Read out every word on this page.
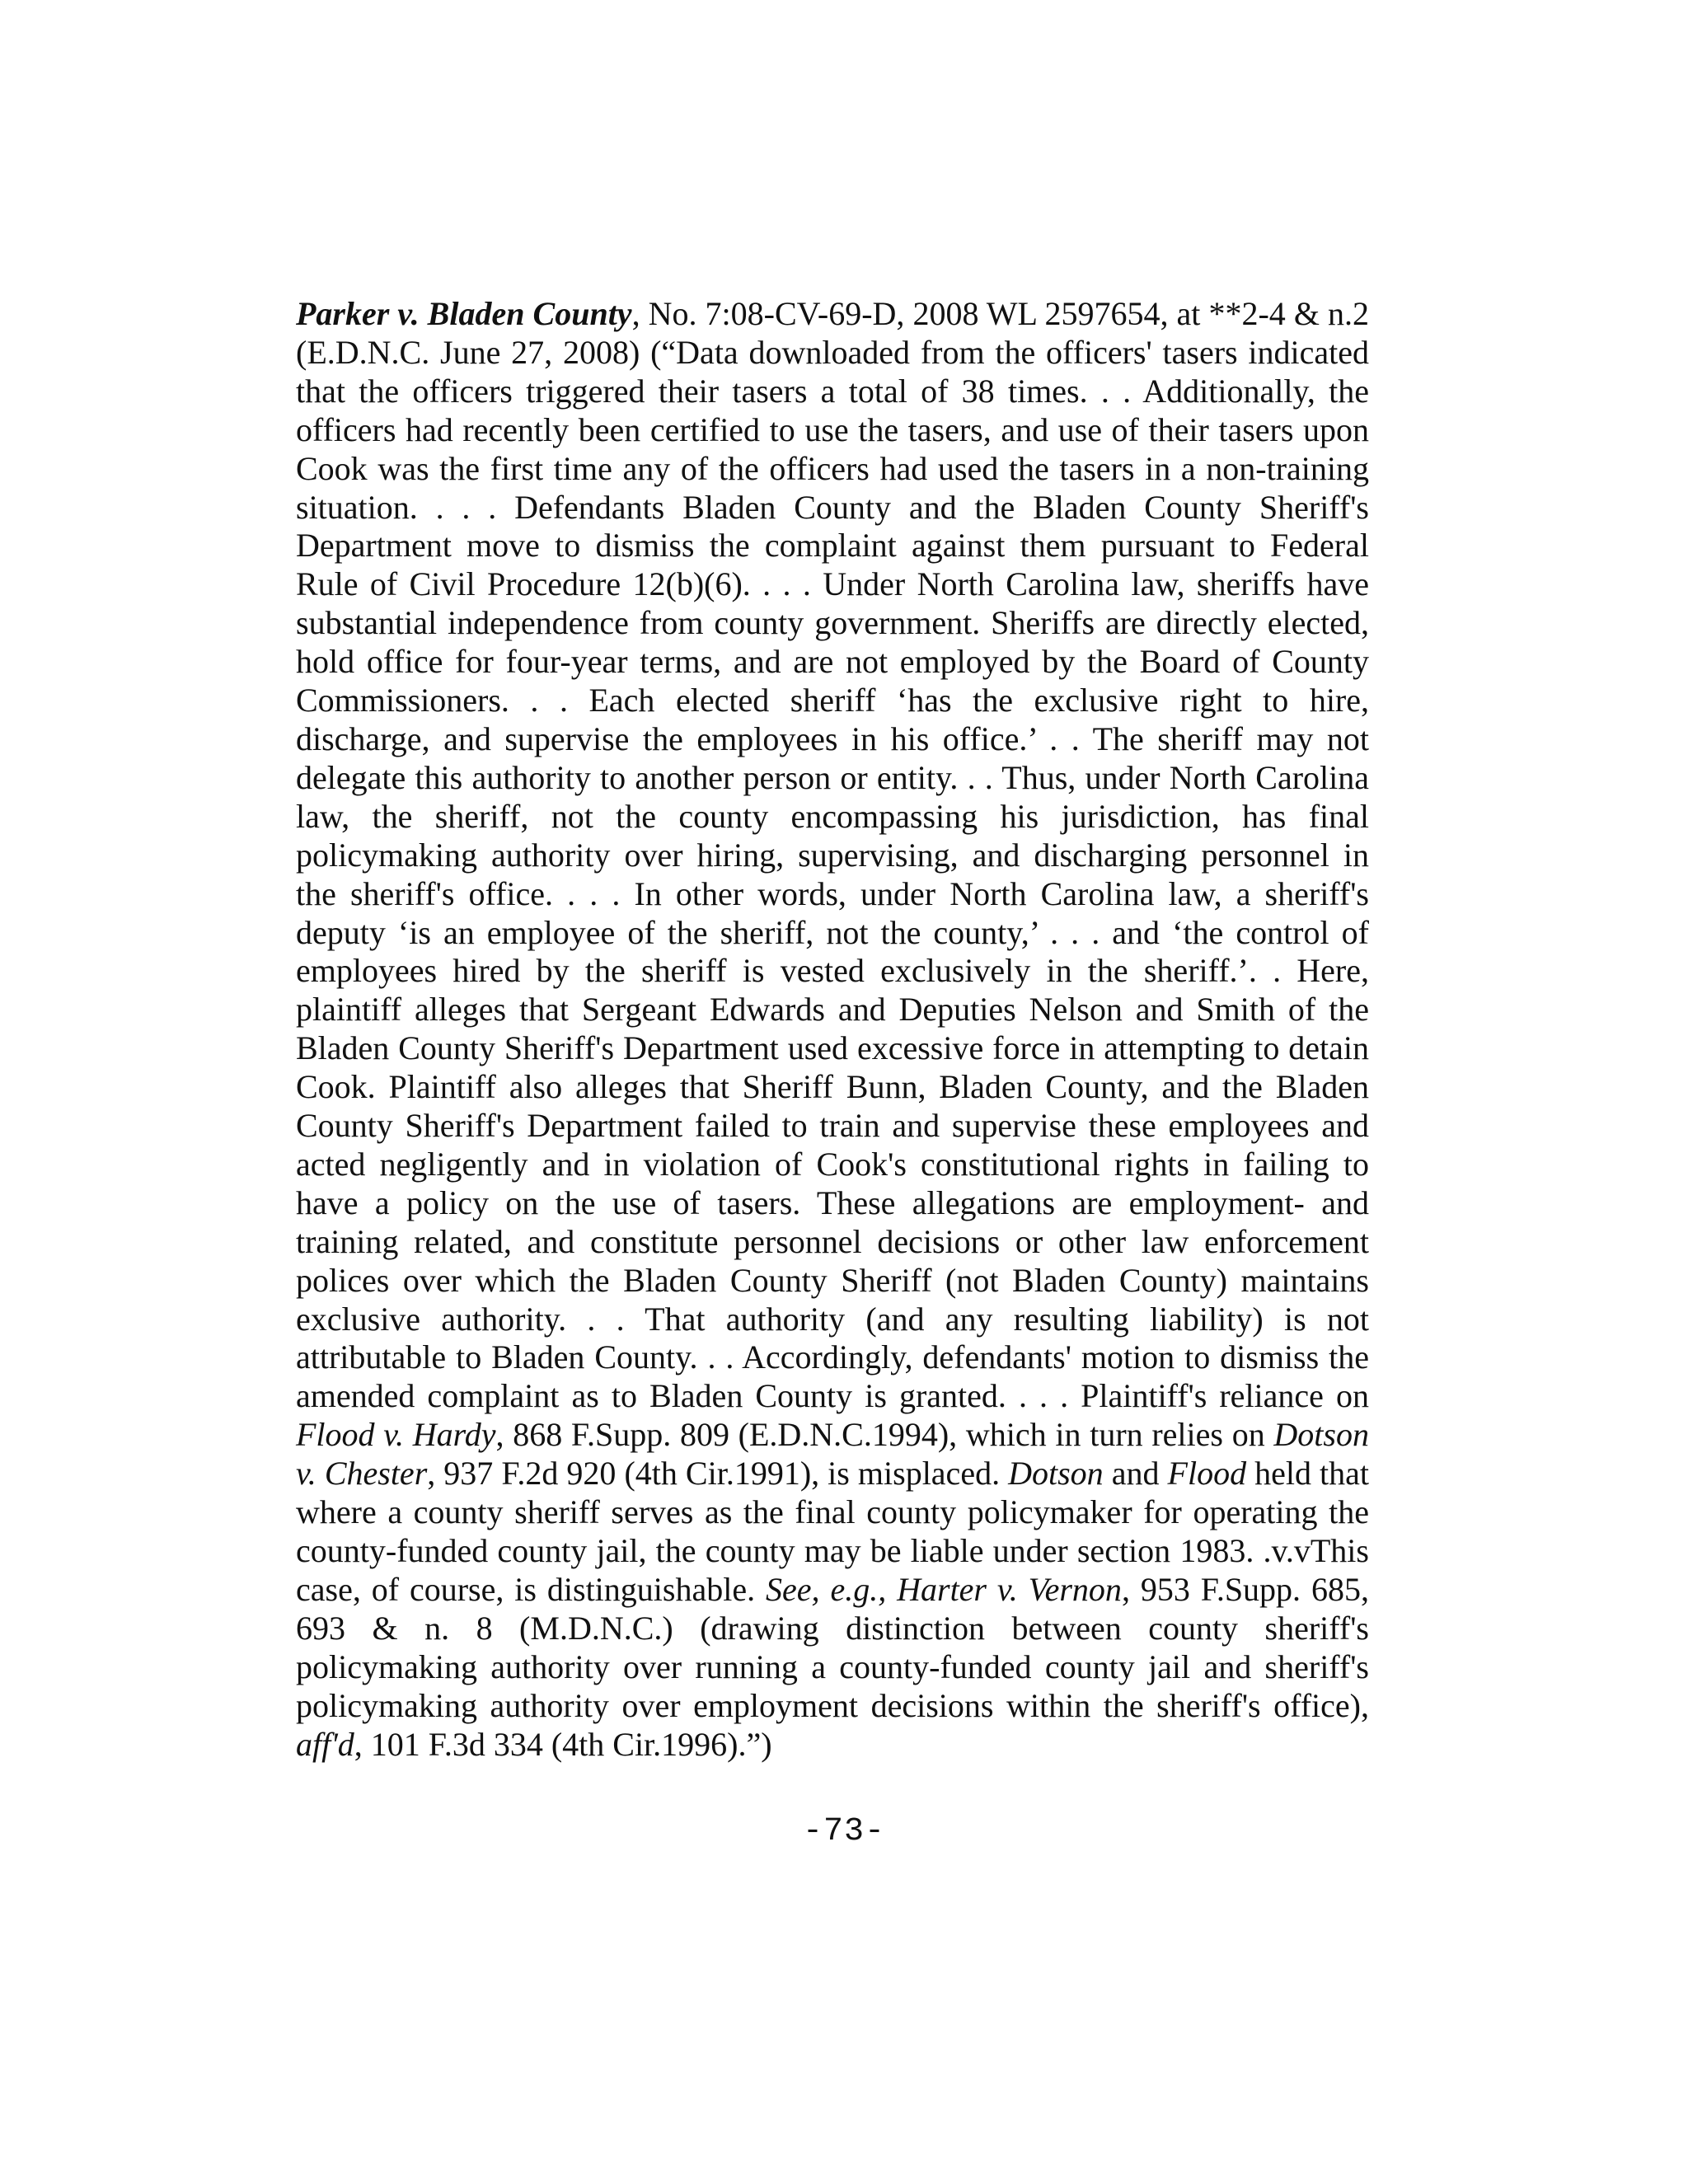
Parker v. Bladen County, No. 7:08-CV-69-D, 2008 WL 2597654, at **2-4 & n.2 (E.D.N.C. June 27, 2008) (“Data downloaded from the officers' tasers indicated that the officers triggered their tasers a total of 38 times. . . Additionally, the officers had recently been certified to use the tasers, and use of their tasers upon Cook was the first time any of the officers had used the tasers in a non-training situation. . . . Defendants Bladen County and the Bladen County Sheriff's Department move to dismiss the complaint against them pursuant to Federal Rule of Civil Procedure 12(b)(6). . . . Under North Carolina law, sheriffs have substantial independence from county government. Sheriffs are directly elected, hold office for four-year terms, and are not employed by the Board of County Commissioners. . . Each elected sheriff ‘has the exclusive right to hire, discharge, and supervise the employees in his office.’ . . The sheriff may not delegate this authority to another person or entity. . . Thus, under North Carolina law, the sheriff, not the county encompassing his jurisdiction, has final policymaking authority over hiring, supervising, and discharging personnel in the sheriff's office. . . . In other words, under North Carolina law, a sheriff's deputy ‘is an employee of the sheriff, not the county,’ . . . and ‘the control of employees hired by the sheriff is vested exclusively in the sheriff.’. . Here, plaintiff alleges that Sergeant Edwards and Deputies Nelson and Smith of the Bladen County Sheriff's Department used excessive force in attempting to detain Cook. Plaintiff also alleges that Sheriff Bunn, Bladen County, and the Bladen County Sheriff's Department failed to train and supervise these employees and acted negligently and in violation of Cook's constitutional rights in failing to have a policy on the use of tasers. These allegations are employment- and training related, and constitute personnel decisions or other law enforcement polices over which the Bladen County Sheriff (not Bladen County) maintains exclusive authority. . . That authority (and any resulting liability) is not attributable to Bladen County. . . Accordingly, defendants' motion to dismiss the amended complaint as to Bladen County is granted. . . . Plaintiff's reliance on Flood v. Hardy, 868 F.Supp. 809 (E.D.N.C.1994), which in turn relies on Dotson v. Chester, 937 F.2d 920 (4th Cir.1991), is misplaced. Dotson and Flood held that where a county sheriff serves as the final county policymaker for operating the county-funded county jail, the county may be liable under section 1983. .v.vThis case, of course, is distinguishable. See, e.g., Harter v. Vernon, 953 F.Supp. 685, 693 & n. 8 (M.D.N.C.) (drawing distinction between county sheriff's policymaking authority over running a county-funded county jail and sheriff's policymaking authority over employment decisions within the sheriff's office), aff'd, 101 F.3d 334 (4th Cir.1996).”)

-73-
